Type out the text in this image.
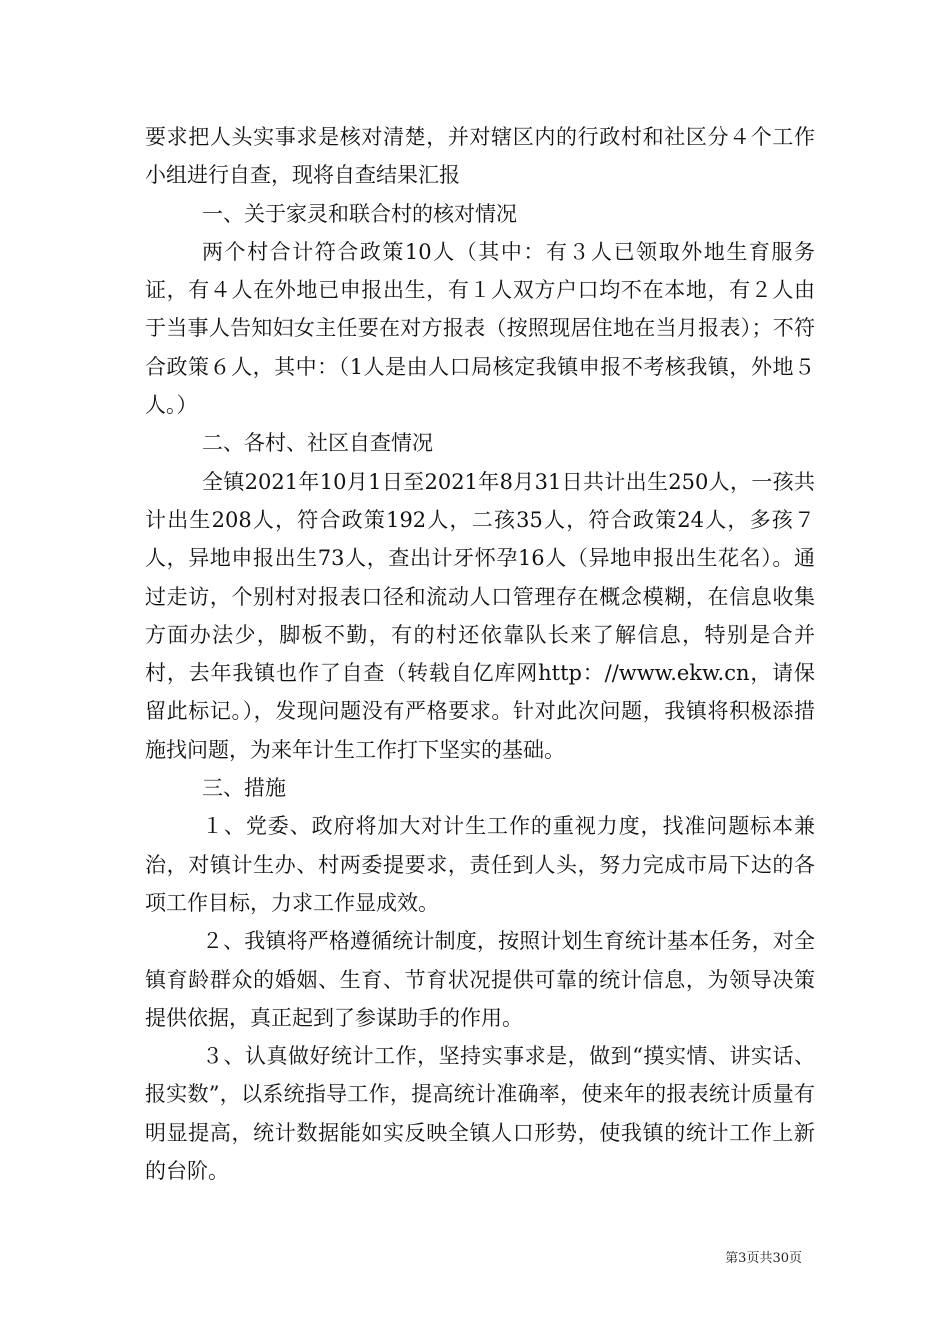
要求把人头实事求是核对清楚，并对辖区内的行政村和社区分４个工作小组进行自查，现将自查结果汇报

一、关于家灵和联合村的核对情况

两个村合计符合政策10人（其中：有３人已领取外地生育服务证，有４人在外地已申报出生，有１人双方户口均不在本地，有２人由于当事人告知妇女主任要在对方报表（按照现居住地在当月报表）；不符合政策６人，其中：（1人是由人口局核定我镇申报不考核我镇，外地５人。）

二、各村、社区自查情况

全镇2021年10月1日至2021年8月31日共计出生250人，一孩共计出生208人，符合政策192人，二孩35人，符合政策24人，多孩７人，异地申报出生73人，查出计牙怀孕16人（异地申报出生花名）。通过走访，个别村对报表口径和流动人口管理存在概念模糊，在信息收集方面办法少，脚板不勤，有的村还依靠队长来了解信息，特别是合并村，去年我镇也作了自查（转载自亿库网http：//www.ekw.cn，请保留此标记。），发现问题没有严格要求。针对此次问题，我镇将积极添措施找问题，为来年计生工作打下坚实的基础。

三、措施

１、党委、政府将加大对计生工作的重视力度，找准问题标本兼治，对镇计生办、村两委提要求，责任到人头，努力完成市局下达的各项工作目标，力求工作显成效。

２、我镇将严格遵循统计制度，按照计划生育统计基本任务，对全镇育龄群众的婚姻、生育、节育状况提供可靠的统计信息，为领导决策提供依据，真正起到了参谋助手的作用。

３、认真做好统计工作，坚持实事求是，做到“摸实情、讲实话、报实数”，以系统指导工作，提高统计准确率，使来年的报表统计质量有明显提高，统计数据能如实反映全镇人口形势，使我镇的统计工作上新的台阶。

第3页共30页
